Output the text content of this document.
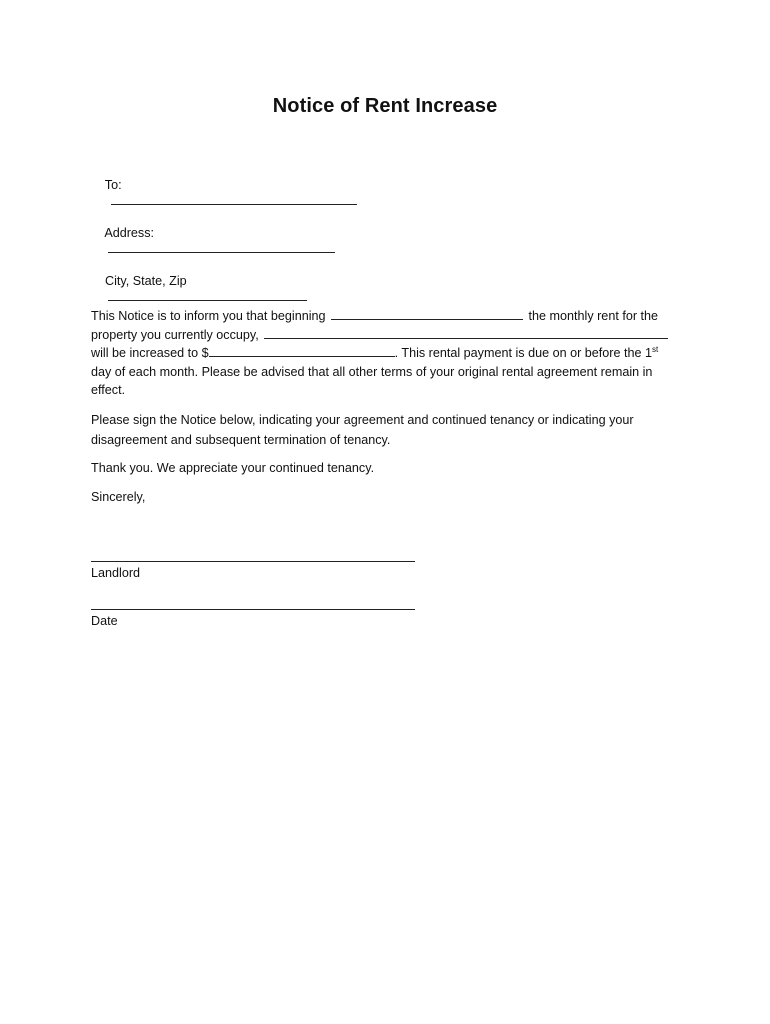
Notice of Rent Increase

To:

Address:

City, State, Zip

This Notice is to inform you that beginning	the monthly rent for the
property you currently occupy,
will be increased to $	. This rental payment is due on or before the 1st
day of each month. Please be advised that all other terms of your original rental agreement remain in
effect.
Please sign the Notice below, indicating your agreement and continued tenancy or indicating your
disagreement and subsequent termination of tenancy.
Thank you. We appreciate your continued tenancy.
Sincerely,
Landlord
Date
